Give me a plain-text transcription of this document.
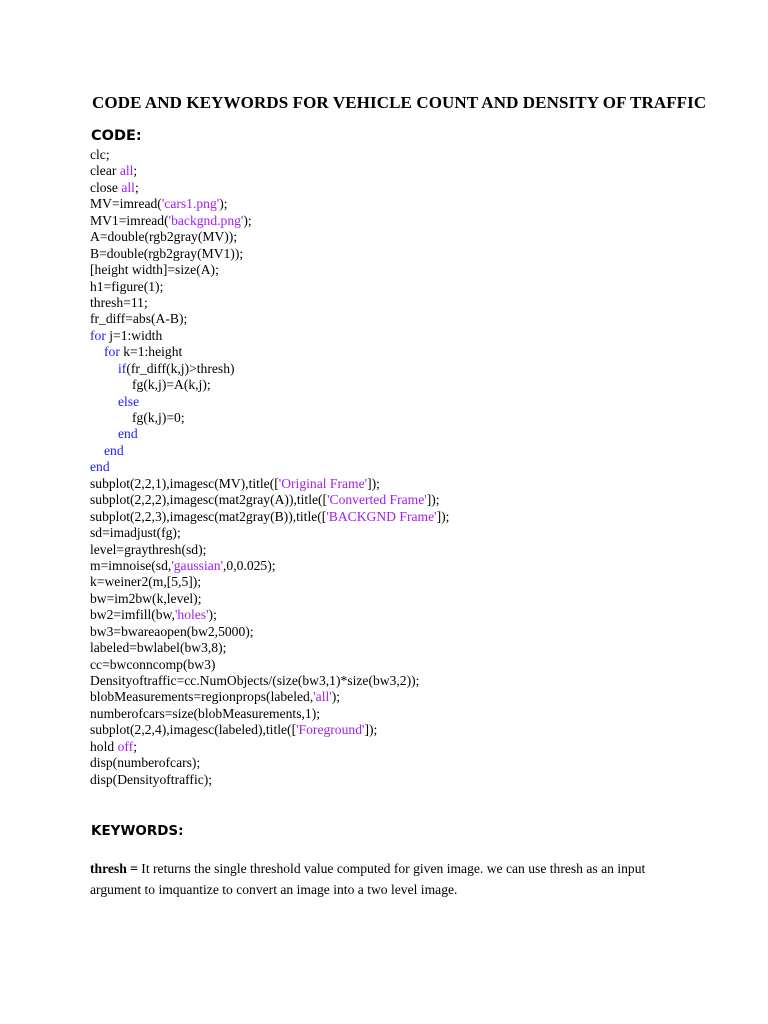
CODE AND KEYWORDS FOR VEHICLE COUNT AND DENSITY OF TRAFFIC
CODE:
clc;
clear all;
close all;
MV=imread('cars1.png');
MV1=imread('backgnd.png');
A=double(rgb2gray(MV));
B=double(rgb2gray(MV1));
[height width]=size(A);
h1=figure(1);
thresh=11;
fr_diff=abs(A-B);
for j=1:width
for k=1:height
if(fr_diff(k,j)>thresh)
fg(k,j)=A(k,j);
else
fg(k,j)=0;
end
end
end
subplot(2,2,1),imagesc(MV),title(['Original Frame']);
subplot(2,2,2),imagesc(mat2gray(A)),title(['Converted Frame']);
subplot(2,2,3),imagesc(mat2gray(B)),title(['BACKGND Frame']);
sd=imadjust(fg);
level=graythresh(sd);
m=imnoise(sd,'gaussian',0,0.025);
k=weiner2(m,[5,5]);
bw=im2bw(k,level);
bw2=imfill(bw,'holes');
bw3=bwareaopen(bw2,5000);
labeled=bwlabel(bw3,8);
cc=bwconncomp(bw3)
Densityoftraffic=cc.NumObjects/(size(bw3,1)*size(bw3,2));
blobMeasurements=regionprops(labeled,'all');
numberofcars=size(blobMeasurements,1);
subplot(2,2,4),imagesc(labeled),title(['Foreground']);
hold off;
disp(numberofcars);
disp(Densityoftraffic);
KEYWORDS:
thresh = It returns the single threshold value computed for given image. we can use thresh as an input argument to imquantize to convert an image into a two level image.
